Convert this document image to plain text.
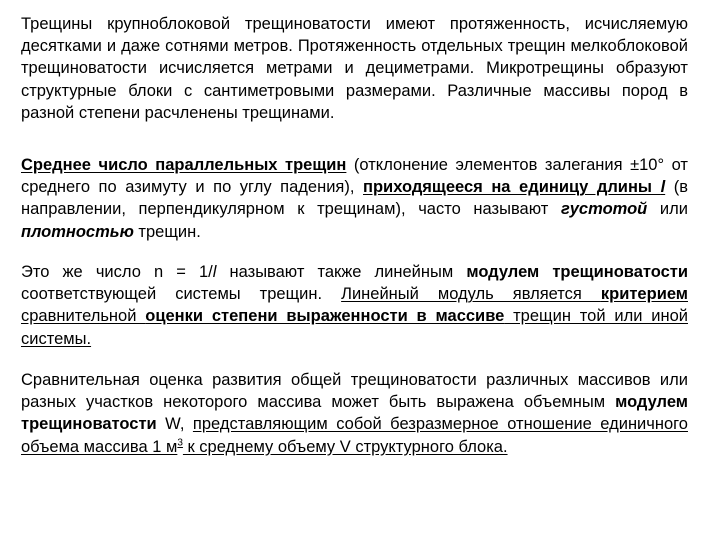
Трещины крупноблоковой трещиноватости имеют протяженность, исчисляемую десятками и даже сотнями метров. Протяженность отдельных трещин мелкоблоковой трещиноватости исчисляется метрами и дециметрами. Микротрещины образуют структурные блоки с сантиметровыми размерами. Различные массивы пород в разной степени расчленены трещинами.

Среднее число параллельных трещин (отклонение элементов залегания ±10° от среднего по азимуту и по углу падения), приходящееся на единицу длины l (в направлении, перпендикулярном к трещинам), часто называют густотой или плотностью трещин.

Это же число n = 1/l называют также линейным модулем трещиноватости соответствующей системы трещин. Линейный модуль является критерием сравнительной оценки степени выраженности в массиве трещин той или иной системы.

Сравнительная оценка развития общей трещиноватости различных массивов или разных участков некоторого массива может быть выражена объемным модулем трещиноватости W, представляющим собой безразмерное отношение единичного объема массива 1 $м^3$ к среднему объему V структурного блока.
